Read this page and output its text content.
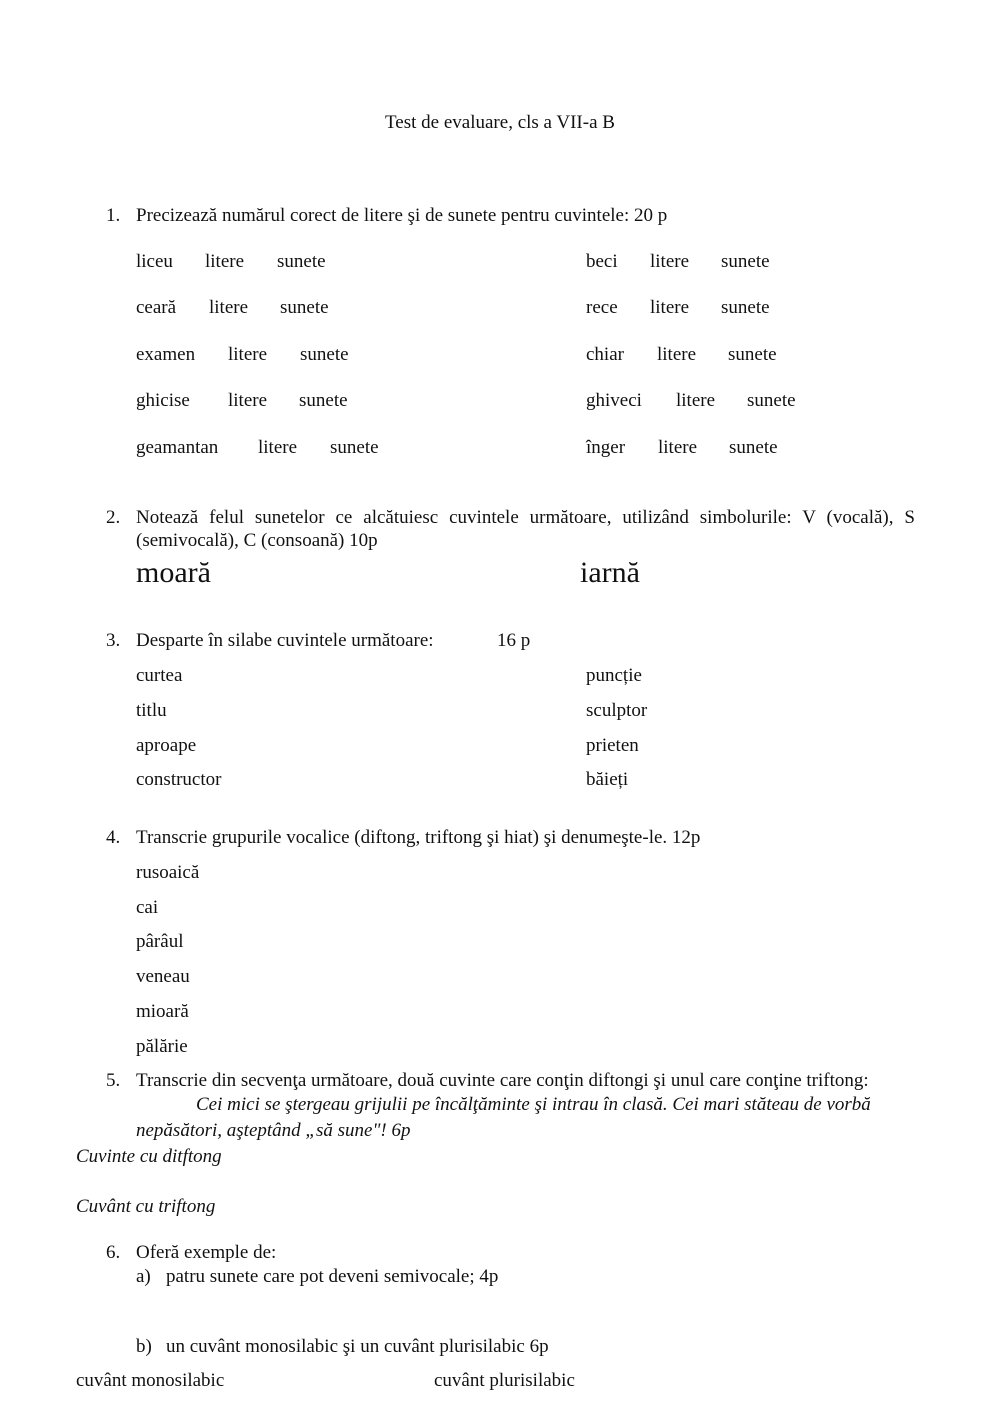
Test de evaluare, cls a VII-a B
1. Precizează numărul corect de litere şi de sunete pentru cuvintele: 20 p
liceu litere sunete	beci litere sunete
ceară litere sunete	rece litere sunete
examen litere sunete	chiar litere sunete
ghicise litere sunete	ghiveci litere sunete
geamantan litere sunete	înger litere sunete
2. Notează felul sunetelor ce alcătuiesc cuvintele următoare, utilizând simbolurile: V (vocală), S
(semivocală), C (consoană) 10p
moară	iarnă
3. Desparte în silabe cuvintele următoare:	16 p
curtea	puncție
titlu	sculptor
aproape	prieten
constructor	băieți
4. Transcrie grupurile vocalice (diftong, triftong şi hiat) şi denumeşte-le. 12p
rusoaică
cai
pârâul
veneau
mioară
pălărie
5. Transcrie din secvenţa următoare, două cuvinte care conţin diftongi şi unul care conţine triftong:
Cei mici se ştergeau grijulii pe încălţăminte şi intrau în clasă. Cei mari stăteau de vorbă
nepăsători, aşteptând „să sune"! 6p
Cuvinte cu ditftong
Cuvânt cu triftong
6. Oferă exemple de:
a) patru sunete care pot deveni semivocale; 4p
b) un cuvânt monosilabic şi un cuvânt plurisilabic 6p
cuvânt monosilabic	cuvânt plurisilabic
